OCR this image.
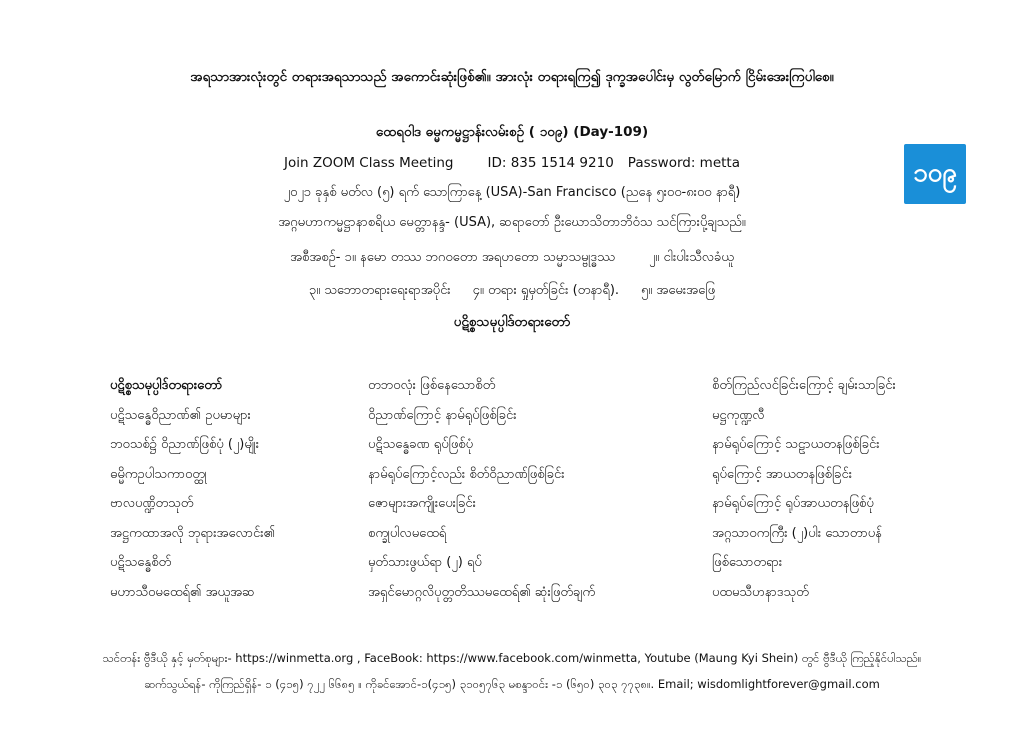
အရသာအားလုံးတွင် တရားအရသာသည် အကောင်းဆုံးဖြစ်၏။ အားလုံး တရားရကြ၍ ဒုက္ခအပေါင်းမှ လွတ်မြောက် ငြိမ်းအေးကြပါစေ။
ထေရဝါဒ ဓမ္မကမ္မဋ္ဌာန်းလမ်းစဉ် ( ၁၀၉) (Day-109)
Join ZOOM Class Meeting	ID: 835 1514 9210 Password: metta
၂၀၂၁ ခုနှစ် မတ်လ (၅) ရက် သောကြာနေ့ (USA)-San Francisco (ညနေ ၅း၀၀-၈း၀၀ နာရီ)
အဂ္ဂမဟာကမ္မဋ္ဌာနာစရိယ မေတ္တာနန္ဒ- (USA), ဆရာတော် ဦးဃောသိတာဘိဝံသ သင်ကြားပို့ချသည်။
အစီအစဉ်- ၁။ နမော တဿ ဘဂဝတော အရဟတော သမ္မာသမ္ဗုဒ္ဓဿ	၂။ ငါးပါးသီလခံယူ
၃။ သဘောတရားရေးရာအပိုင်း ၄။ တရား ရှုမှတ်ခြင်း (တနာရီ). ၅။ အမေးအဖြေ
ပဋိစ္စသမုပ္ပါဒ်တရားတော်
၁၀၉
ပဋိစ္စသမုပ္ပါဒ်တရားတော်
ပဋိသန္ဓေဝိညာဏ်၏ ဥပမာများ
ဘဝသစ်၌ ဝိညာဏ်ဖြစ်ပုံ (၂)မျိုး
ဓမ္မိကဥပါသကာဝတ္ထု
ဗာလပဏ္ဍိတသုတ်
အဋ္ဌကထာအလို ဘုရားအလောင်း၏
ပဋိသန္ဓေစိတ်
မဟာသီဝမထေရ်၏ အယူအဆ
တဘဝလုံး ဖြစ်နေသောစိတ်
ဝိညာဏ်ကြောင့် နာမ်ရုပ်ဖြစ်ခြင်း
ပဋိသန္ဓေခဏ ရုပ်ဖြစ်ပုံ
နာမ်ရုပ်ကြောင့်လည်း စိတ်ဝိညာဏ်ဖြစ်ခြင်း
ဇောများအကျိုးပေးခြင်း
စက္ခုပါလမထေရ်
မှတ်သားဖွယ်ရာ (၂) ရပ်
အရှင်မောဂ္ဂလိပုတ္တတိဿမထေရ်၏ ဆုံးဖြတ်ချက်
စိတ်ကြည်လင်ခြင်းကြောင့် ချမ်းသာခြင်း
မဋ္ဌကုဏ္ဍလီ
နာမ်ရုပ်ကြောင့် သဠာယတနဖြစ်ခြင်း
ရုပ်ကြောင့် အာယတနဖြစ်ခြင်း
နာမ်ရုပ်ကြောင့် ရုပ်အာယတနဖြစ်ပုံ
အဂ္ဂသာဝကကြီး (၂)ပါး သောတာပန်
ဖြစ်သောတရား
ပထမသီဟနာဒသုတ်
သင်တန်း ဗွီဒီယို နှင့် မှတ်စုများ- https://winmetta.org , FaceBook: https://www.facebook.com/winmetta, Youtube (Maung Kyi Shein) တွင် ဗွီဒီယို ကြည့်နိုင်ပါသည်။
ဆက်သွယ်ရန်- ကိုကြည်ရှိန်- ၁ (၄၁၅) ၇၂၂ ၆၆၈၅ ။ ကိုခင်အောင်-၁(၄၁၅) ၃၁၀၅၇၆၃ မစန္ဒာဝင်း -၁ (၆၅၀) ၃၀၃ ၇၇၃၈။. Email; wisdomlightforever@gmail.com
